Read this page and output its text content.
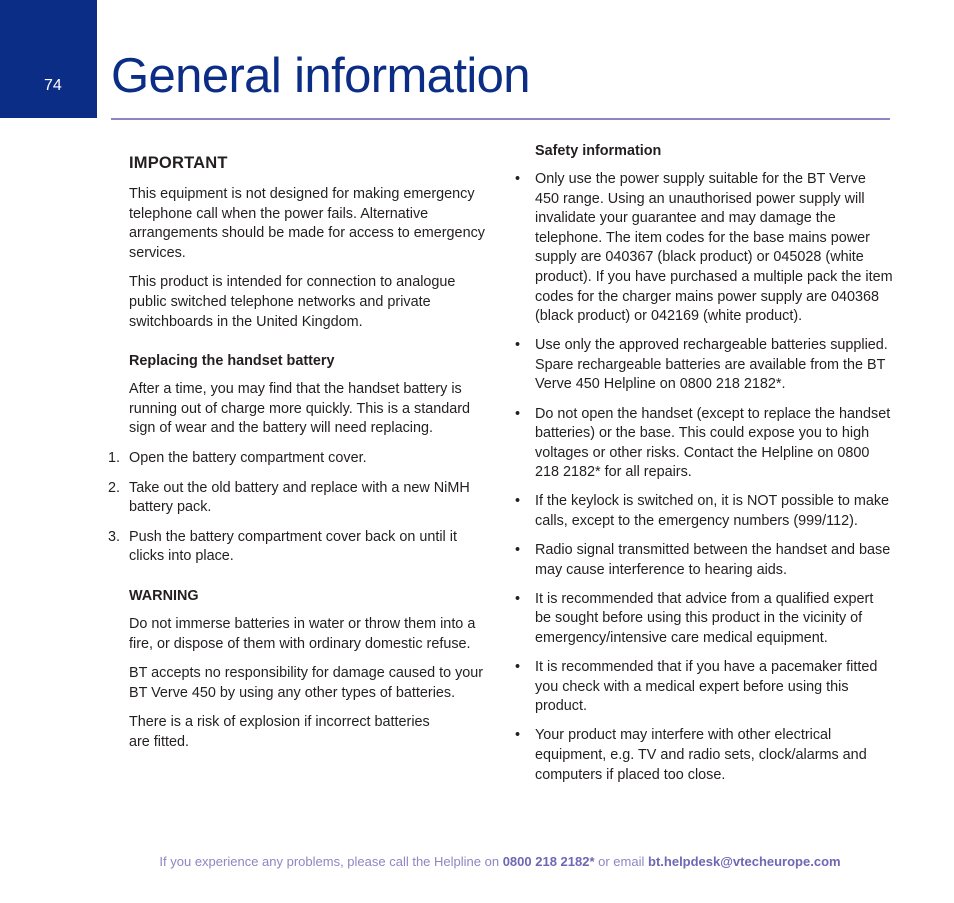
74 General information

IMPORTANT

This equipment is not designed for making emergency telephone call when the power fails. Alternative arrangements should be made for access to emergency services.

This product is intended for connection to analogue public switched telephone networks and private switchboards in the United Kingdom.

Replacing the handset battery

After a time, you may find that the handset battery is running out of charge more quickly. This is a standard sign of wear and the battery will need replacing.

1. Open the battery compartment cover.
2. Take out the old battery and replace with a new NiMH battery pack.
3. Push the battery compartment cover back on until it clicks into place.

WARNING

Do not immerse batteries in water or throw them into a fire, or dispose of them with ordinary domestic refuse.

BT accepts no responsibility for damage caused to your BT Verve 450 by using any other types of batteries.

There is a risk of explosion if incorrect batteries are fitted.

Safety information

• Only use the power supply suitable for the BT Verve 450 range. Using an unauthorised power supply will invalidate your guarantee and may damage the telephone. The item codes for the base mains power supply are 040367 (black product) or 045028 (white product). If you have purchased a multiple pack the item codes for the charger mains power supply are 040368 (black product) or 042169 (white product).
• Use only the approved rechargeable batteries supplied. Spare rechargeable batteries are available from the BT Verve 450 Helpline on 0800 218 2182*.
• Do not open the handset (except to replace the handset batteries) or the base. This could expose you to high voltages or other risks. Contact the Helpline on 0800 218 2182* for all repairs.
• If the keylock is switched on, it is NOT possible to make calls, except to the emergency numbers (999/112).
• Radio signal transmitted between the handset and base may cause interference to hearing aids.
• It is recommended that advice from a qualified expert be sought before using this product in the vicinity of emergency/intensive care medical equipment.
• It is recommended that if you have a pacemaker fitted you check with a medical expert before using this product.
• Your product may interfere with other electrical equipment, e.g. TV and radio sets, clock/alarms and computers if placed too close.
If you experience any problems, please call the Helpline on 0800 218 2182* or email bt.helpdesk@vtecheurope.com
